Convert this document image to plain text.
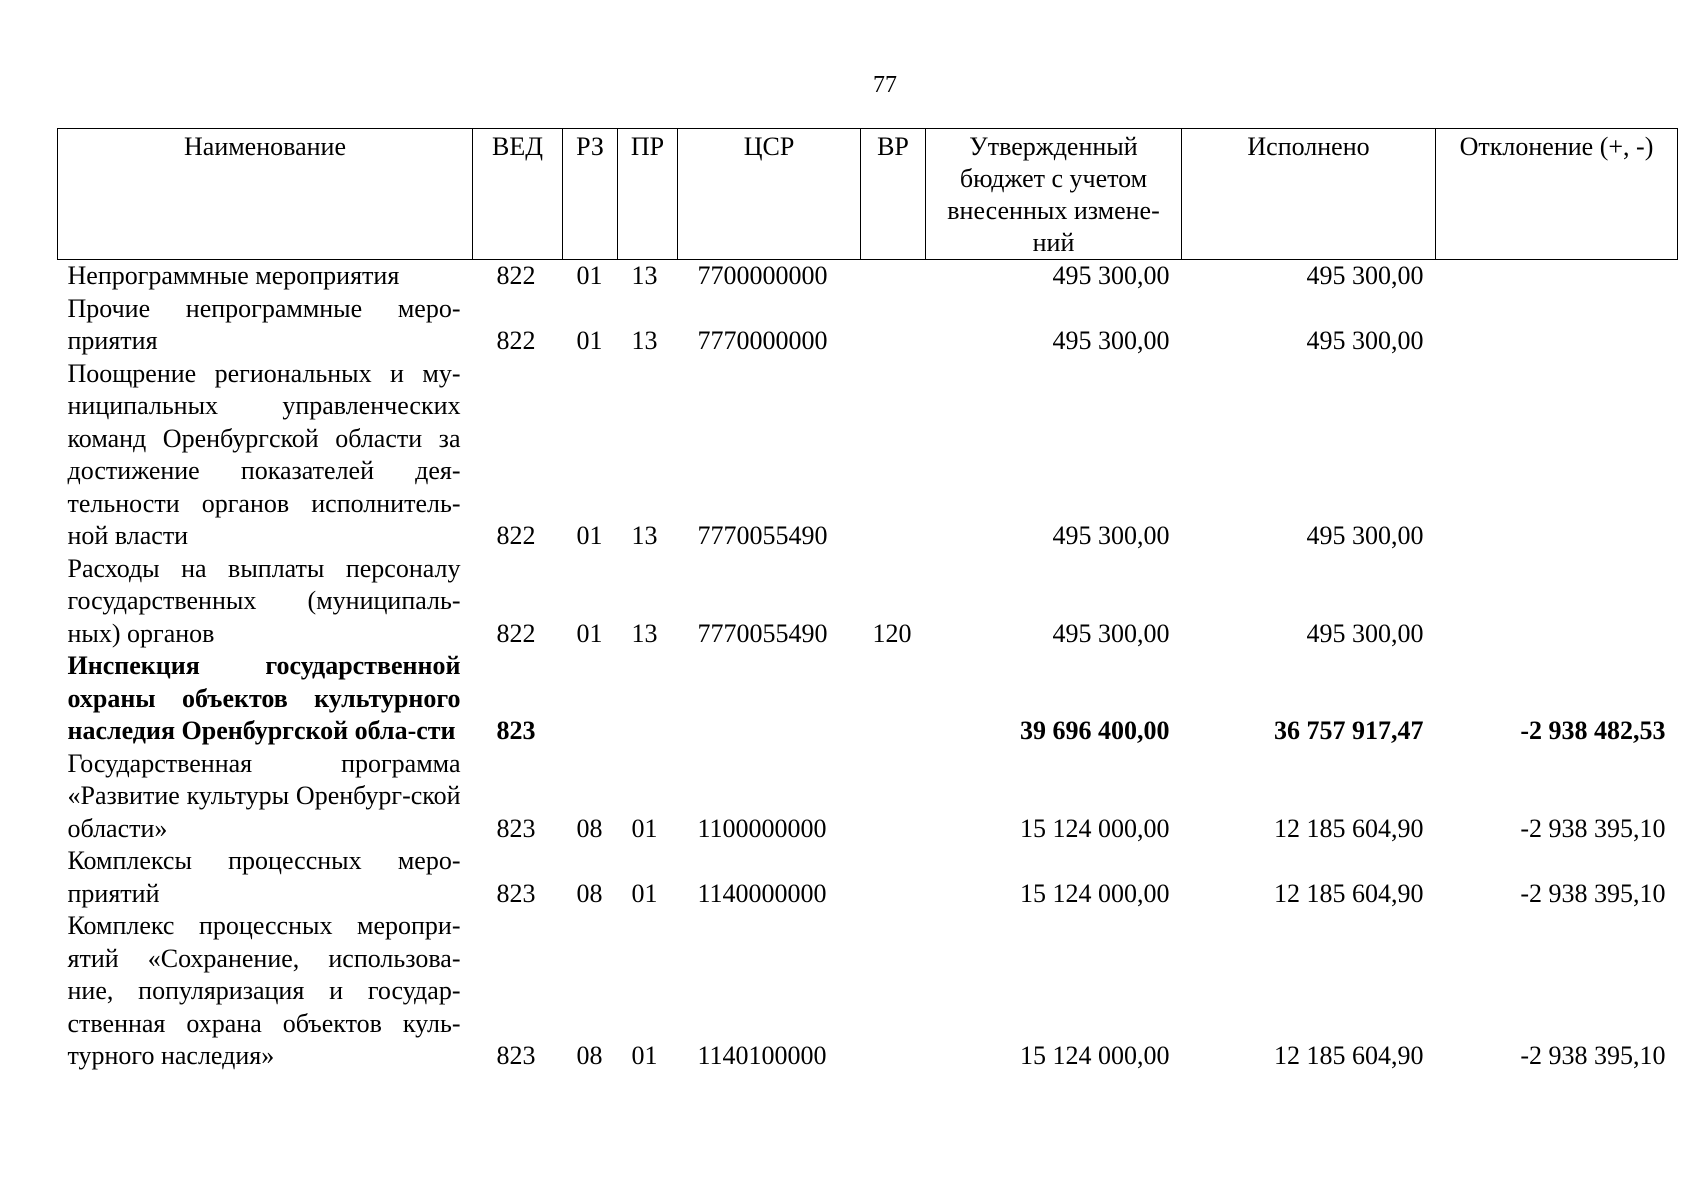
77
Наименование	ВЕД	РЗ	ПР	ЦСР	ВР	Утвержденный бюджет с учетом внесенных измене-ний	Исполнено	Отклонение (+, -)
Непрограммные мероприятия	822	01	13	7700000000		495 300,00	495 300,00	
Прочие непрограммные меро-приятия	822	01	13	7770000000		495 300,00	495 300,00	
Поощрение региональных и му-ниципальных управленческих команд Оренбургской области за достижение показателей дея-тельности органов исполнитель-ной власти	822	01	13	7770055490		495 300,00	495 300,00	
Расходы на выплаты персоналу государственных (муниципаль-ных) органов	822	01	13	7770055490	120	495 300,00	495 300,00	
Инспекция государственной охраны объектов культурного наследия Оренбургской обла-сти	823					39 696 400,00	36 757 917,47	-2 938 482,53
Государственная программа «Развитие культуры Оренбург-ской области»	823	08	01	1100000000		15 124 000,00	12 185 604,90	-2 938 395,10
Комплексы процессных меро-приятий	823	08	01	1140000000		15 124 000,00	12 185 604,90	-2 938 395,10
Комплекс процессных меропри-ятий «Сохранение, использова-ние, популяризация и государ-ственная охрана объектов куль-турного наследия»	823	08	01	1140100000		15 124 000,00	12 185 604,90	-2 938 395,10
